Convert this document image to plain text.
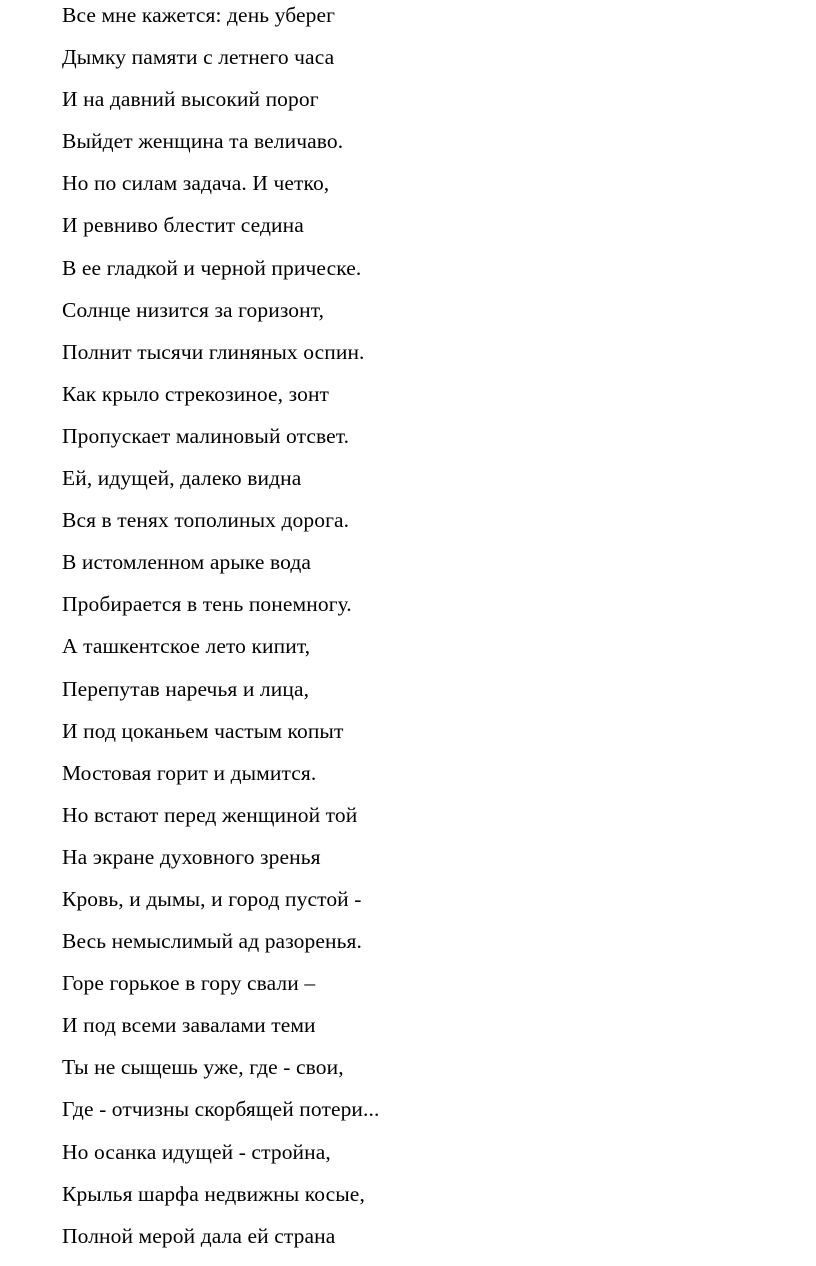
Все мне кажется: день уберег
Дымку памяти с летнего часа
И на давний высокий порог
Выйдет женщина та величаво.
Но по силам задача. И четко,
И ревниво блестит седина
В ее гладкой и черной прическе.
Солнце низится за горизонт,
Полнит тысячи глиняных оспин.
Как крыло стрекозиное, зонт
Пропускает малиновый отсвет.
Ей, идущей, далеко видна
Вся в тенях тополиных дорога.
В истомленном арыке вода
Пробирается в тень понемногу.
А ташкентское лето кипит,
Перепутав наречья и лица,
И под цоканьем частым копыт
Мостовая горит и дымится.
Но встают перед женщиной той
На экране духовного зренья
Кровь, и дымы, и город пустой -
Весь немыслимый ад разоренья.
Горе горькое в гору свали –
И под всеми завалами теми
Ты не сыщешь уже, где - свои,
Где - отчизны скорбящей потери...
Но осанка идущей - стройна,
Крылья шарфа недвижны косые,
Полной мерой дала ей страна
